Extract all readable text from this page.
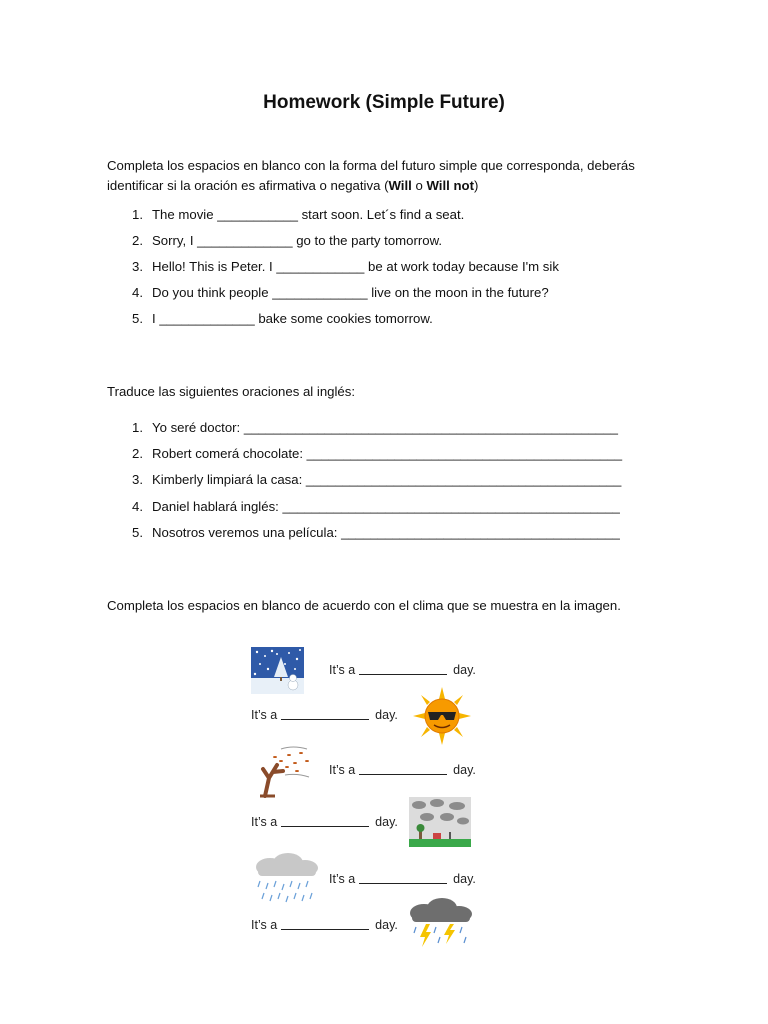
Homework (Simple Future)
Completa los espacios en blanco con la forma del futuro simple que corresponda, deberás identificar si la oración es afirmativa o negativa (Will o Will not)
1. The movie ___________ start soon. Let´s find a seat.
2. Sorry, I _____________ go to the party tomorrow.
3. Hello! This is Peter. I ____________ be at work today because I'm sik
4. Do you think people _____________ live on the moon in the future?
5. I _____________ bake some cookies tomorrow.
Traduce las siguientes oraciones al inglés:
1. Yo seré doctor: ___________________________________________________
2. Robert comerá chocolate: ___________________________________________
3. Kimberly limpiará la casa: ___________________________________________
4. Daniel hablará inglés: ______________________________________________
5. Nosotros veremos una película: ______________________________________
Completa los espacios en blanco de acuerdo con el clima que se muestra en la imagen.
It’s a	day.
It’s a	day.
It’s a	day.
It’s a	day.
It’s a	day.
It’s a	day.
